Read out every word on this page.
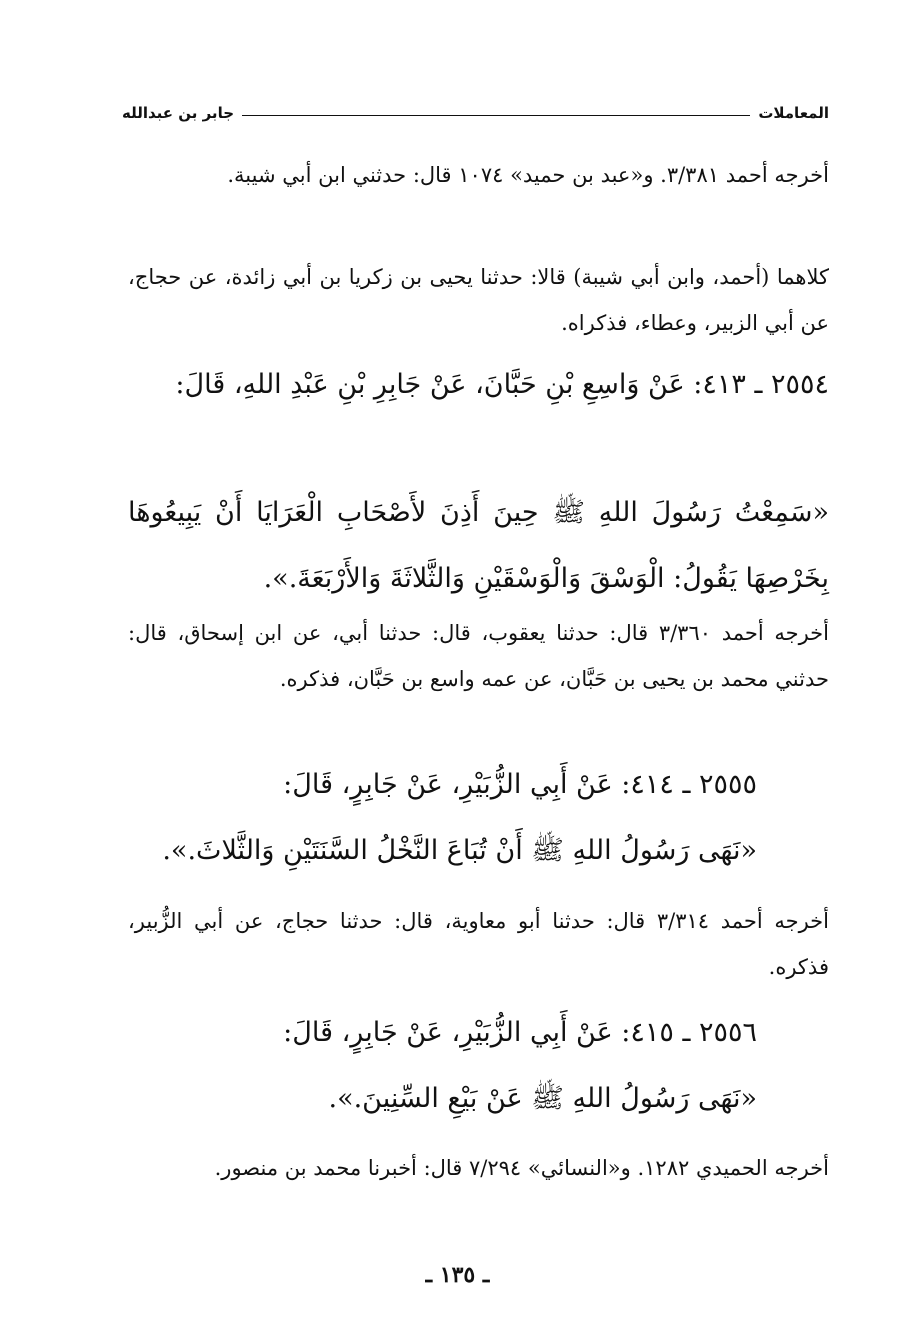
المعاملات
جابر بن عبدالله

أخرجه أحمد ٣/٣٨١. و«عبد بن حميد» ١٠٧٤ قال: حدثني ابن أبي شيبة.

كلاهما (أحمد، وابن أبي شيبة) قالا: حدثنا يحيى بن زكريا بن أبي زائدة، عن حجاج، عن أبي الزبير، وعطاء، فذكراه.

٢٥٥٤ ـ ٤١٣: عَنْ وَاسِعِ بْنِ حَبَّانَ، عَنْ جَابِرِ بْنِ عَبْدِ اللهِ، قَالَ:

«سَمِعْتُ رَسُولَ اللهِ ﷺ حِينَ أَذِنَ لأَصْحَابِ الْعَرَايَا أَنْ يَبِيعُوهَا بِخَرْصِهَا يَقُولُ: الْوَسْقَ وَالْوَسْقَيْنِ وَالثَّلاثَةَ وَالأَرْبَعَةَ.».

أخرجه أحمد ٣/٣٦٠ قال: حدثنا يعقوب، قال: حدثنا أبي، عن ابن إسحاق، قال: حدثني محمد بن يحيى بن حَبَّان، عن عمه واسع بن حَبَّان، فذكره.

٢٥٥٥ ـ ٤١٤: عَنْ أَبِي الزُّبَيْرِ، عَنْ جَابِرٍ، قَالَ:

«نَهَى رَسُولُ اللهِ ﷺ أَنْ تُبَاعَ النَّخْلُ السَّنَتَيْنِ وَالثَّلاثَ.».

أخرجه أحمد ٣/٣١٤ قال: حدثنا أبو معاوية، قال: حدثنا حجاج، عن أبي الزُّبير، فذكره.

٢٥٥٦ ـ ٤١٥: عَنْ أَبِي الزُّبَيْرِ، عَنْ جَابِرٍ، قَالَ:

«نَهَى رَسُولُ اللهِ ﷺ عَنْ بَيْعِ السِّنِينَ.».

أخرجه الحميدي ١٢٨٢. و«النسائي» ٧/٢٩٤ قال: أخبرنا محمد بن منصور.

ـ ١٣٥ ـ
